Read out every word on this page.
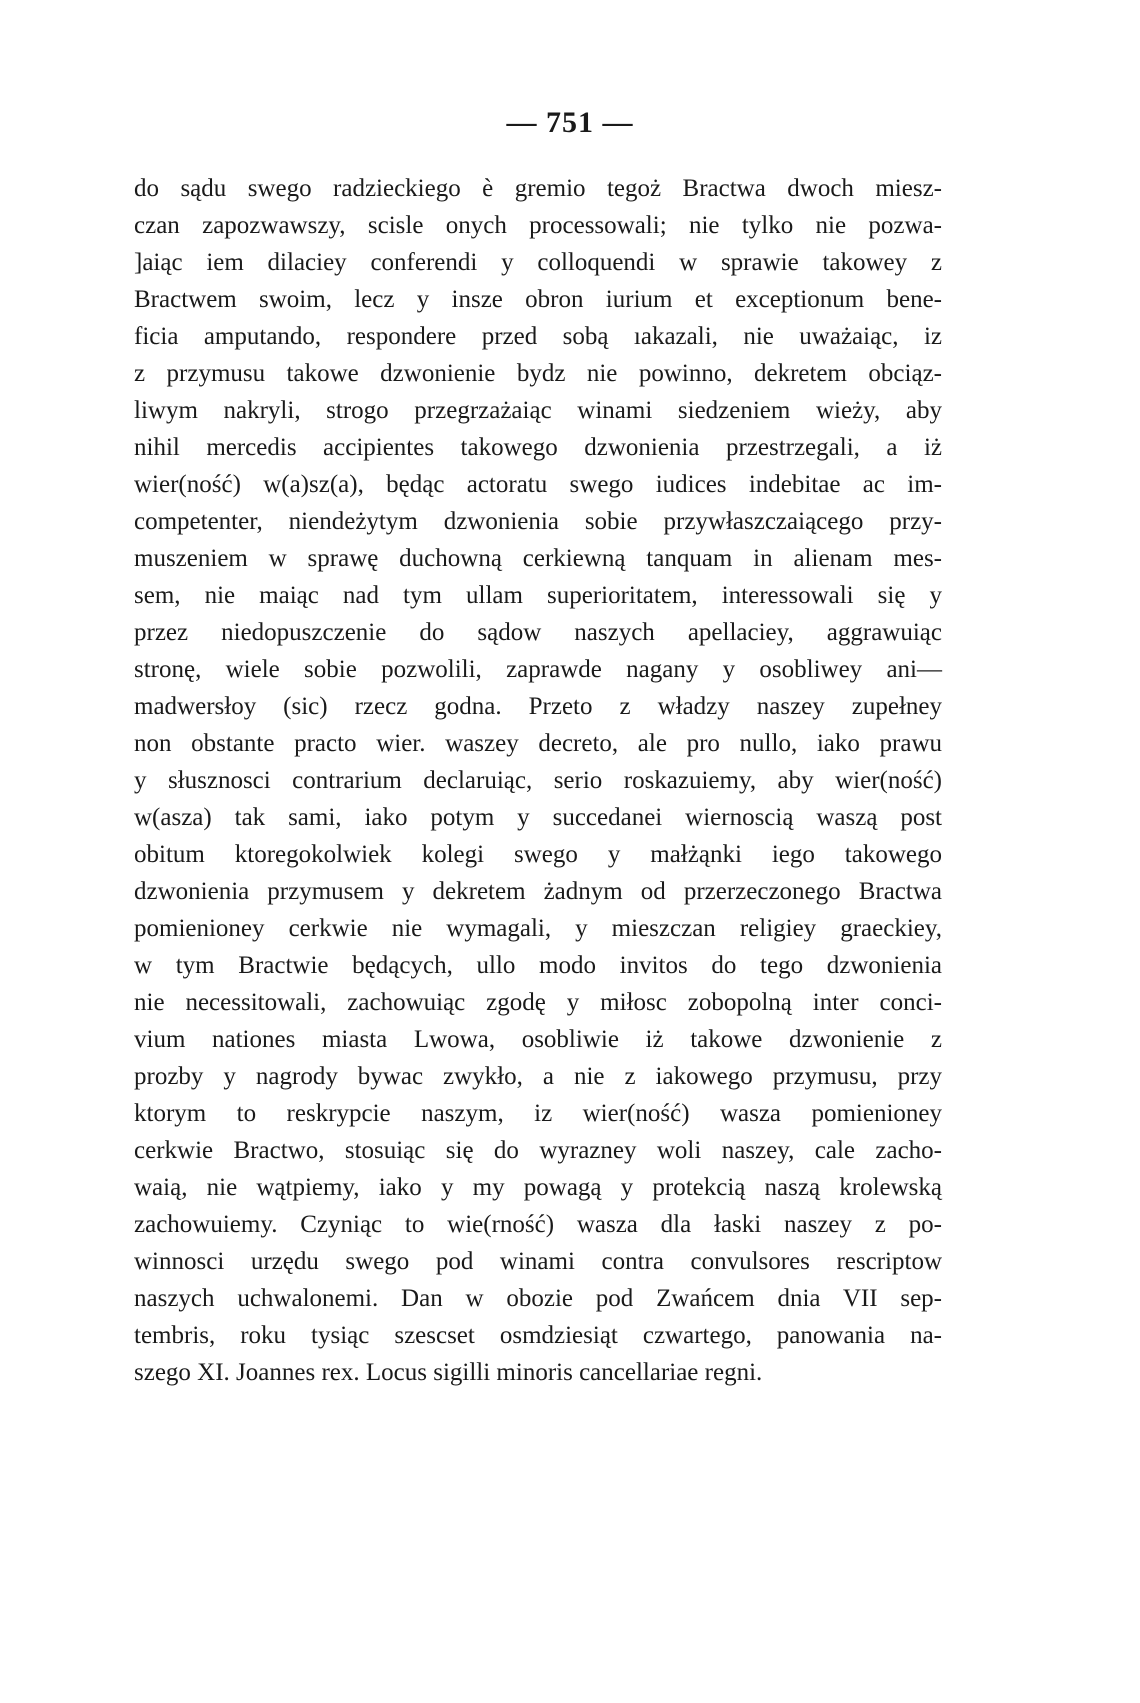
— 751 —
do sądu swego radzieckiego è gremio tegoż Bractwa dwoch miesz-
czan zapozwawszy, scisle onych processowali; nie tylko nie pozwa-
]aiąc iem dilaciey conferendi y colloquendi w sprawie takowey z
Bractwem swoim, lecz y insze obron iurium et exceptionum bene-
ficia amputando, respondere przed sobą ıakazali, nie uważaiąc, iz
z przymusu takowe dzwonienie bydz nie powinno, dekretem obciąz-
liwym nakryli, strogo przegrzażaiąc winami siedzeniem wieży, aby
nihil mercedis accipientes takowego dzwonienia przestrzegali, a iż
wier(ność) w(a)sz(a), będąc actoratu swego iudices indebitae ac im-
competenter, niendeżytym dzwonienia sobie przywłaszczaiącego przy-
muszeniem w sprawę duchowną cerkiewną tanquam in alienam mes-
sem, nie maiąc nad tym ullam superioritatem, interessowali się y
przez niedopuszczenie do sądow naszych apellaciey, aggrawuiąc
stronę, wiele sobie pozwolili, zaprawde nagany y osobliwey ani—
madwersłoy (sic) rzecz godna. Przeto z władzy naszey zupełney
non obstante practo wier. waszey decreto, ale pro nullo, iako prawu
y słusznosci contrarium declaruiąc, serio roskazuiemy, aby wier(ność)
w(asza) tak sami, iako potym y succedanei wiernoscią waszą post
obitum ktoregokolwiek kolegi swego y małżąnki iego takowego
dzwonienia przymusem y dekretem żadnym od przerzeczonego Bractwa
pomienioney cerkwie nie wymagali, y mieszczan religiey graeckiey,
w tym Bractwie będących, ullo modo invitos do tego dzwonienia
nie necessitowali, zachowuiąc zgodę y miłosc zobopolną inter conci-
vium nationes miasta Lwowa, osobliwie iż takowe dzwonienie z
prozby y nagrody bywac zwykło, a nie z iakowego przymusu, przy
ktorym to reskrypcie naszym, iz wier(ność) wasza pomienioney
cerkwie Bractwo, stosuiąc się do wyrazney woli naszey, cale zacho-
waią, nie wątpiemy, iako y my powagą y protekcią naszą krolewską
zachowuiemy. Czyniąc to wie(rność) wasza dla łaski naszey z po-
winnosci urzędu swego pod winami contra convulsores rescriptow
naszych uchwalonemi. Dan w obozie pod Zwańcem dnia VII sep-
tembris, roku tysiąc szescset osmdziesiąt czwartego, panowania na-
szego XI. Joannes rex. Locus sigilli minoris cancellariae regni.
